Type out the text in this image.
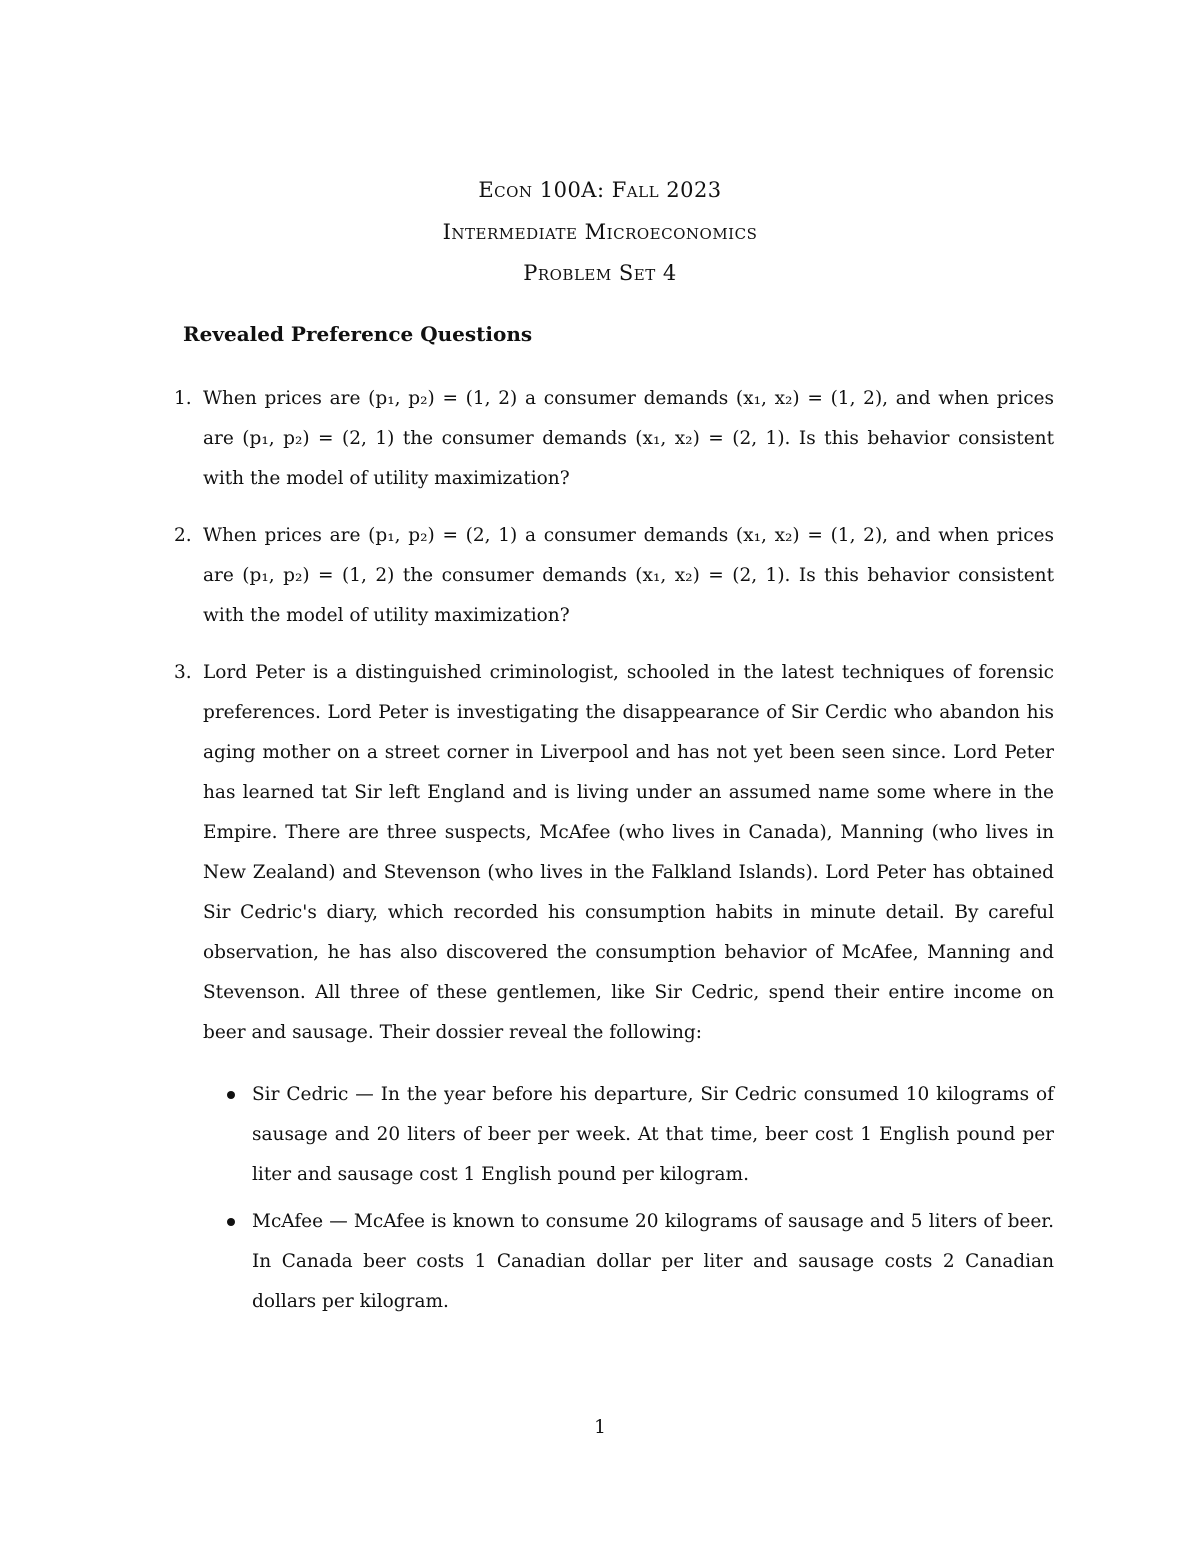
Econ 100A: Fall 2023
Intermediate Microeconomics
Problem Set 4
Revealed Preference Questions
1. When prices are (p₁, p₂) = (1, 2) a consumer demands (x₁, x₂) = (1, 2), and when prices are (p₁, p₂) = (2, 1) the consumer demands (x₁, x₂) = (2, 1). Is this behavior consistent with the model of utility maximization?
2. When prices are (p₁, p₂) = (2, 1) a consumer demands (x₁, x₂) = (1, 2), and when prices are (p₁, p₂) = (1, 2) the consumer demands (x₁, x₂) = (2, 1). Is this behavior consistent with the model of utility maximization?
3. Lord Peter is a distinguished criminologist, schooled in the latest techniques of forensic preferences. Lord Peter is investigating the disappearance of Sir Cerdic who abandon his aging mother on a street corner in Liverpool and has not yet been seen since. Lord Peter has learned tat Sir left England and is living under an assumed name some where in the Empire. There are three suspects, McAfee (who lives in Canada), Manning (who lives in New Zealand) and Stevenson (who lives in the Falkland Islands). Lord Peter has obtained Sir Cedric's diary, which recorded his consumption habits in minute detail. By careful observation, he has also discovered the consumption behavior of McAfee, Manning and Stevenson. All three of these gentlemen, like Sir Cedric, spend their entire income on beer and sausage. Their dossier reveal the following:
Sir Cedric — In the year before his departure, Sir Cedric consumed 10 kilograms of sausage and 20 liters of beer per week. At that time, beer cost 1 English pound per liter and sausage cost 1 English pound per kilogram.
McAfee — McAfee is known to consume 20 kilograms of sausage and 5 liters of beer. In Canada beer costs 1 Canadian dollar per liter and sausage costs 2 Canadian dollars per kilogram.
1
